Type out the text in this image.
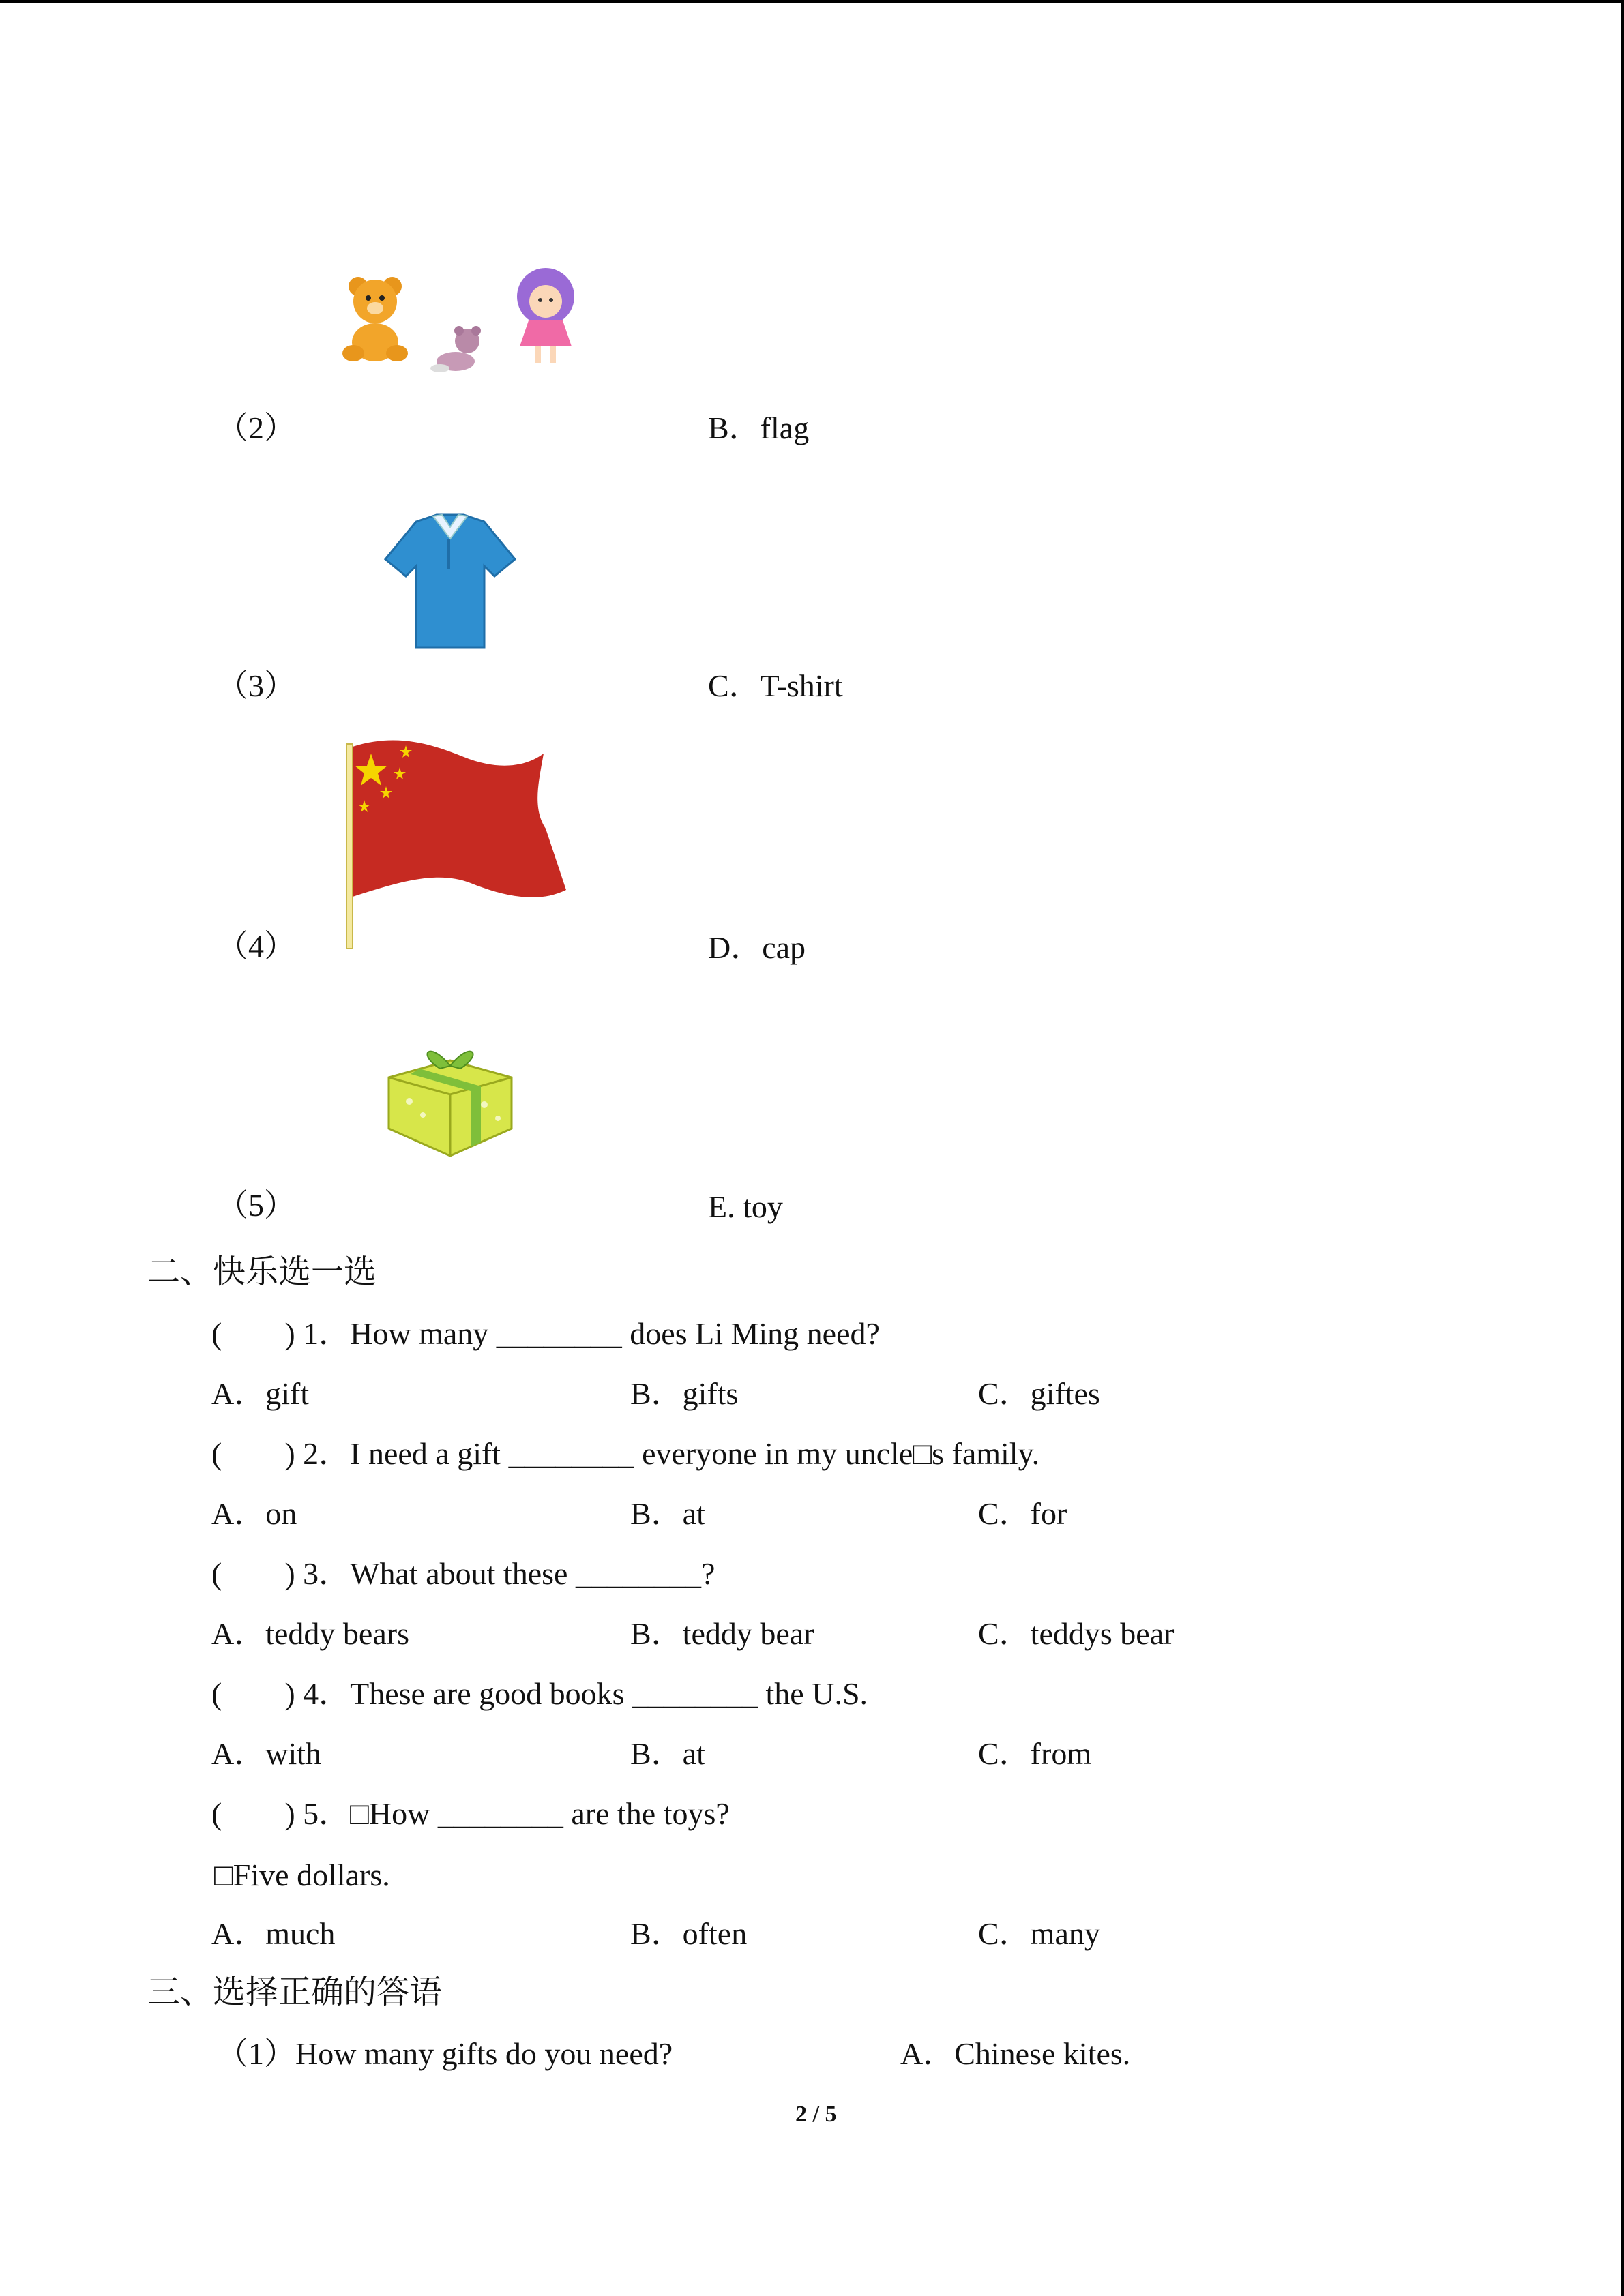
（2）	B．flag
（3）	C．T-shirt
（4）	D．cap
（5）	E. toy
二、快乐选一选
(　　) 1．How many ________ does Li Ming need?
A．gift	B．gifts	C．giftes
(　　) 2．I need a gift ________ everyone in my uncle□s family.
A．on	B．at	C．for
(　　) 3．What about these ________?
A．teddy bears	B．teddy bear	C．teddys bear
(　　) 4．These are good books ________ the U.S.
A．with	B．at	C．from
(　　) 5．□How ________ are the toys?
□Five dollars.
A．much	B．often	C．many
三、选择正确的答语
（1）How many gifts do you need?	A．Chinese kites.
2 / 5
